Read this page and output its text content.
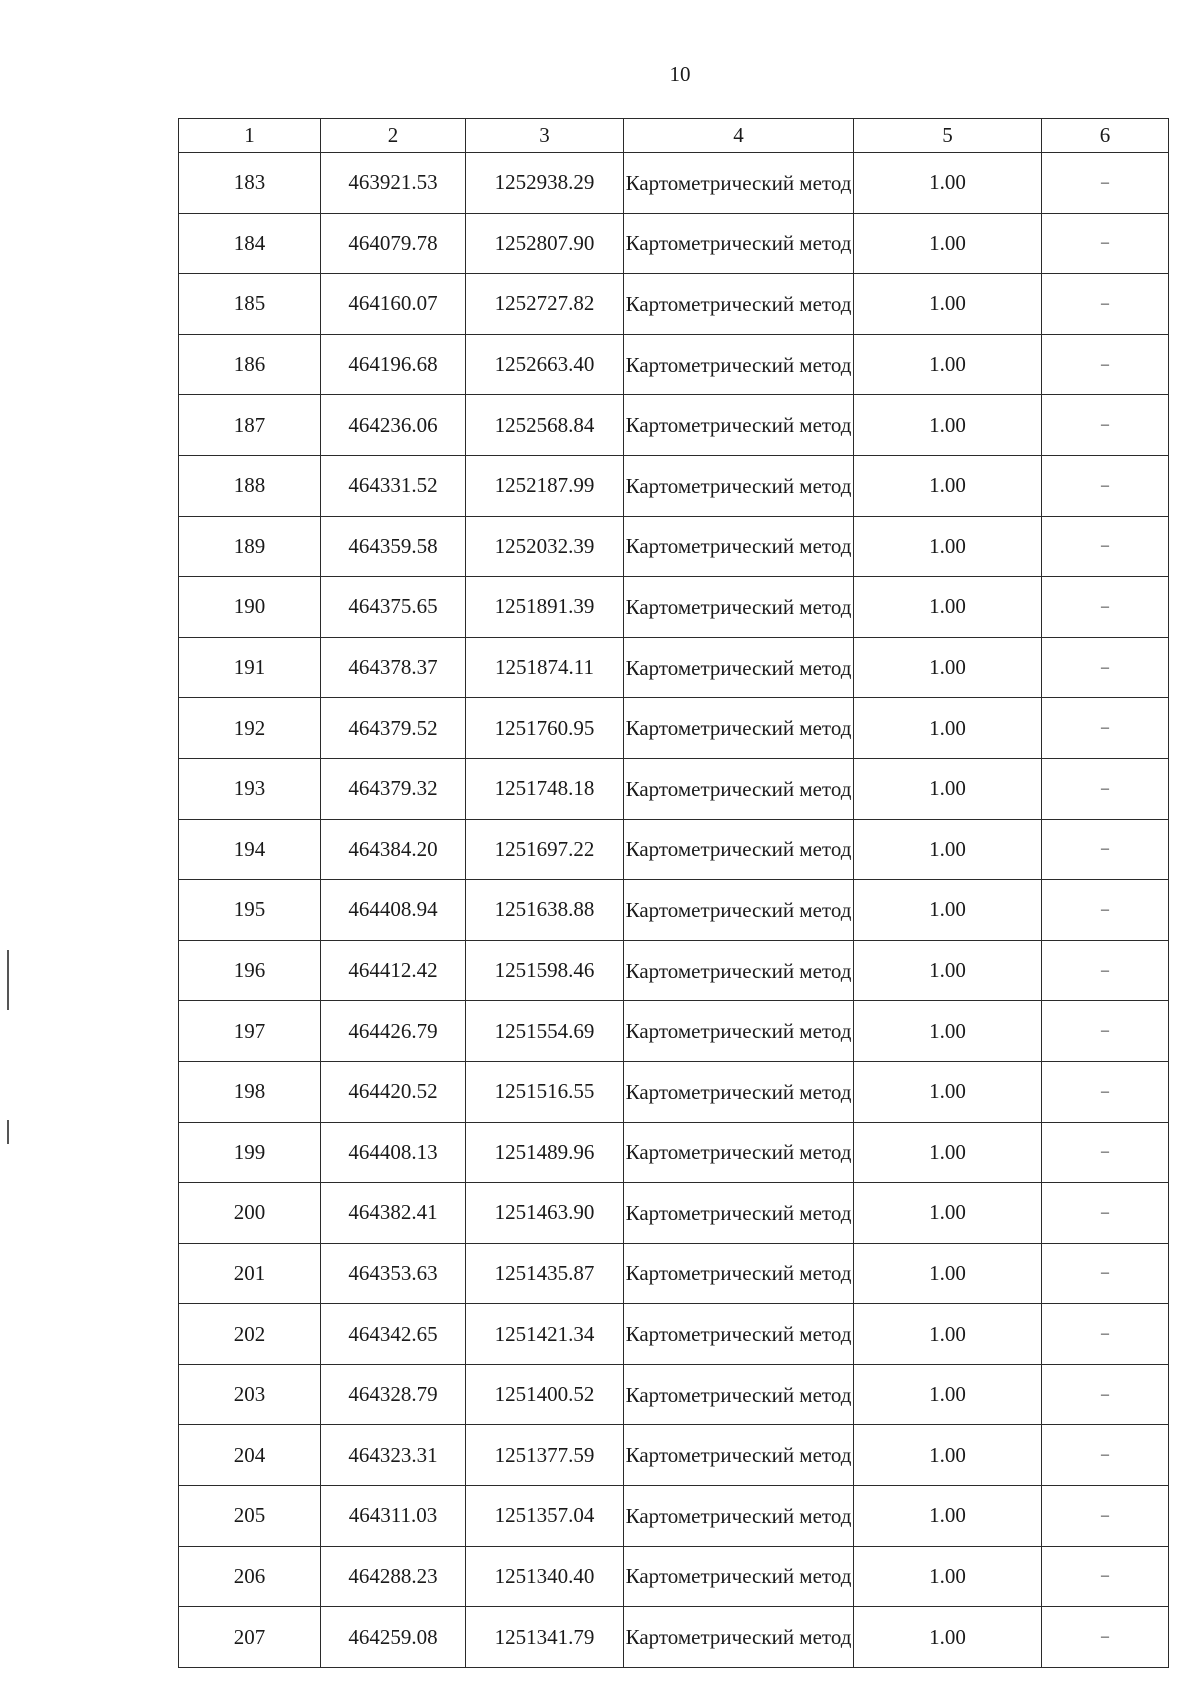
10
1	2	3	4	5	6
183	463921.53	1252938.29	Картометрический метод	1.00	–
184	464079.78	1252807.90	Картометрический метод	1.00	–
185	464160.07	1252727.82	Картометрический метод	1.00	–
186	464196.68	1252663.40	Картометрический метод	1.00	–
187	464236.06	1252568.84	Картометрический метод	1.00	–
188	464331.52	1252187.99	Картометрический метод	1.00	–
189	464359.58	1252032.39	Картометрический метод	1.00	–
190	464375.65	1251891.39	Картометрический метод	1.00	–
191	464378.37	1251874.11	Картометрический метод	1.00	–
192	464379.52	1251760.95	Картометрический метод	1.00	–
193	464379.32	1251748.18	Картометрический метод	1.00	–
194	464384.20	1251697.22	Картометрический метод	1.00	–
195	464408.94	1251638.88	Картометрический метод	1.00	–
196	464412.42	1251598.46	Картометрический метод	1.00	–
197	464426.79	1251554.69	Картометрический метод	1.00	–
198	464420.52	1251516.55	Картометрический метод	1.00	–
199	464408.13	1251489.96	Картометрический метод	1.00	–
200	464382.41	1251463.90	Картометрический метод	1.00	–
201	464353.63	1251435.87	Картометрический метод	1.00	–
202	464342.65	1251421.34	Картометрический метод	1.00	–
203	464328.79	1251400.52	Картометрический метод	1.00	–
204	464323.31	1251377.59	Картометрический метод	1.00	–
205	464311.03	1251357.04	Картометрический метод	1.00	–
206	464288.23	1251340.40	Картометрический метод	1.00	–
207	464259.08	1251341.79	Картометрический метод	1.00	–
